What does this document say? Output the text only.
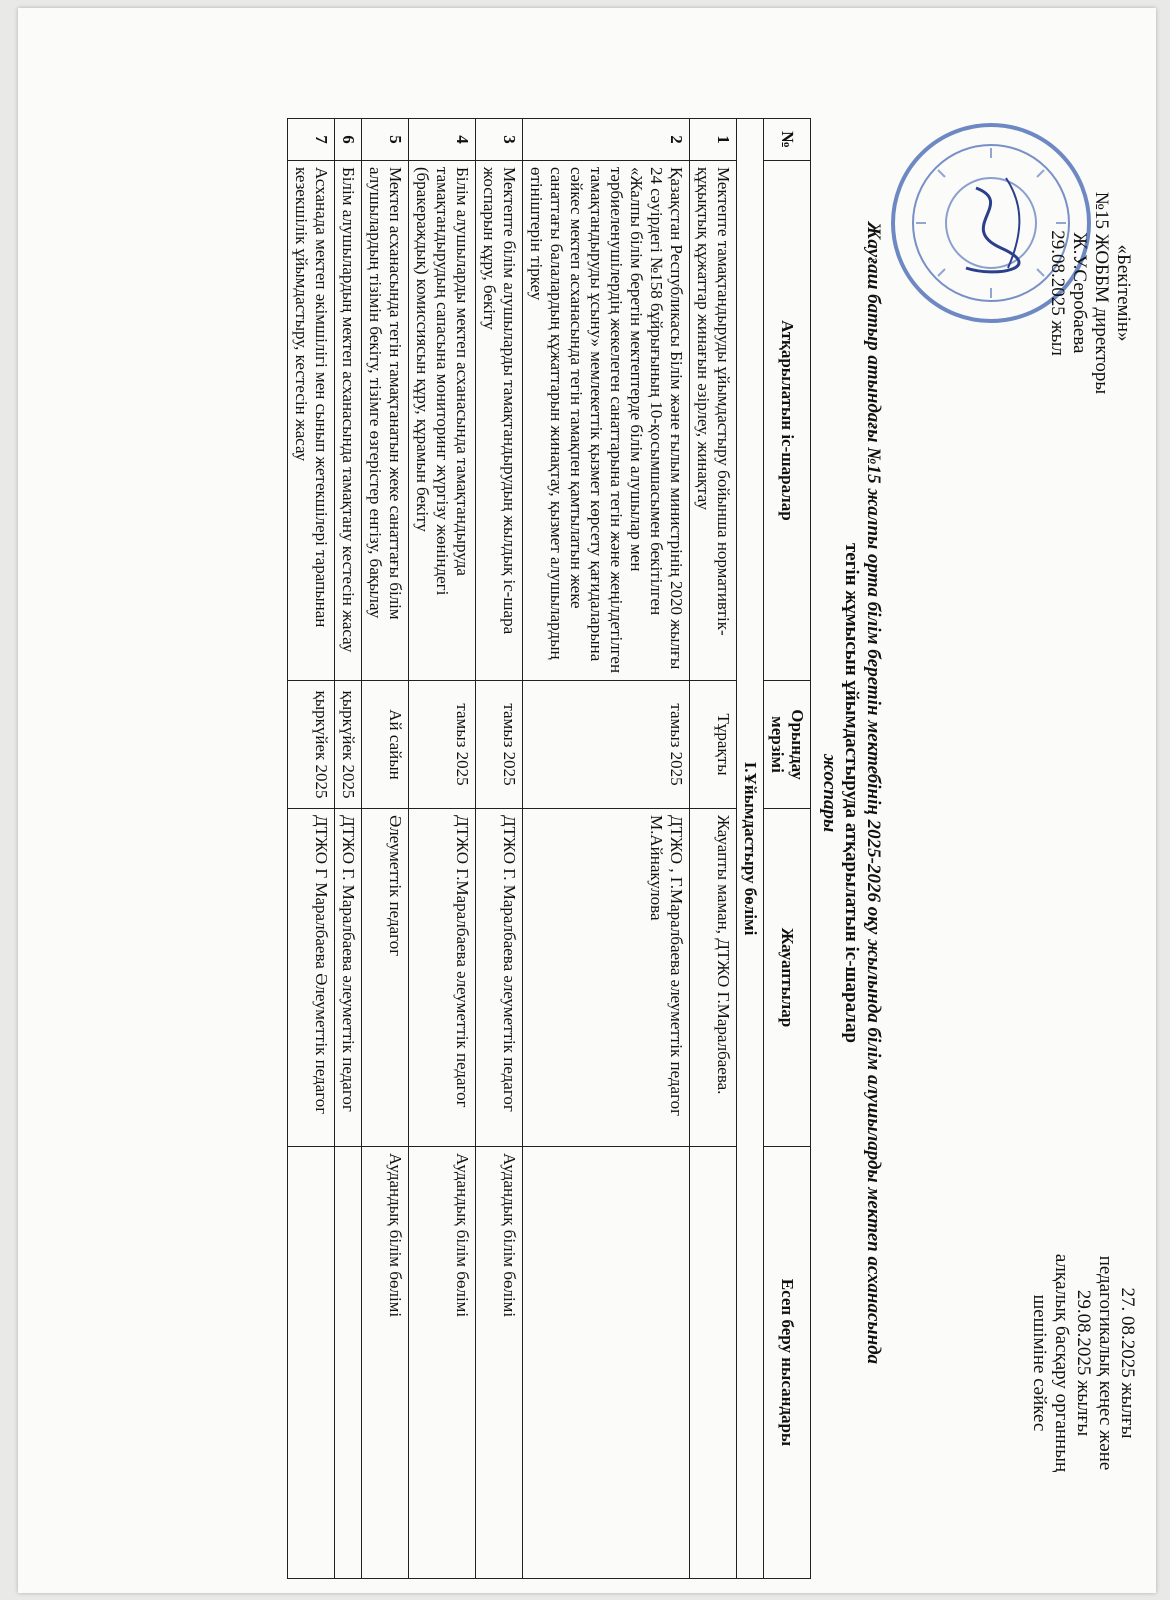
27. 08.2025 жылғы
педагогикалық кеңес және
29.08.2025 жылғы
алқалық басқару органның
шешіміне сәйкес
«Бекітемін»
№15 ЖОББМ директоры
Ж.У.Серобаева
29.08.2025 жыл
Жауғаш батыр атындағы №15 жалпы орта білім беретін мектебінің 2025-2026 оқу жылында білім алушыларды мектеп асханасында
тегін жұмысын ұйымдастыруда атқарылатын іс-шаралар
жоспары
№	Атқарылатын іс-шаралар	Орындау мерзімі	Жауаптылар	Есеп беру нысандары
I.Ұйымдастыру бөлімі				
1	Мектепте тамақтандыруды ұйымдастыру бойынша нормативтік-құқықтық құжаттар жинағын әзірлеу, жинақтау	Тұрақты	Жауапты маман, ДТЖО Г.Маралбаева.	
2	Қазақстан Республикасы Білім және ғылым министрінің 2020 жылғы 24 сәуірдегі №158 бұйрығының 10-қосымшасымен бекітілген «Жалпы білім беретін мектептерде білім алушылар мен тәрбиеленушілердің жекелеген санаттарына тегін және жеңілдетілген тамақтандыруды ұсыну» мемлекеттік қызмет көрсету қағидаларына сәйкес мектеп асханасында тегін тамақпен қамтылатын жеке санаттағы балалардың құжаттарын жинақтау, қызмет алушылардың өтініштерін тіркеу	тамыз 2025	ДТЖО , Г.Маралбаева әлеуметтік педагог М.Айнакулова	
3	Мектепте білім алушыларды тамақтандырудың жылдық іс-шара жоспарын құру, бекіту	тамыз 2025	ДТЖО Г. Маралбаева әлеуметтік педагог	Аудандық білім бөлімі
4	Білім алушыларды мектеп асханасында тамақтандыруда тамақтандырудың сапасына мониторинг жүргізу жөніндегі (бракераждық) комиссиясын құру, құрамын бекіту	тамыз 2025	ДТЖО Г.Маралбаева әлеуметтік педагог	Аудандық білім бөлімі
5	Мектеп асханасында тегін тамақтанатын жеке санаттағы білім алушылардың тізімін бекіту, тізімге өзгерістер енгізу, бақылау	Ай сайын	Әлеуметтік педагог	Аудандық білім бөлімі
6	Білім алушылардың мектеп асханасында тамақтану кестесін жасау	қыркүйек 2025	ДТЖО Г. Маралбаева әлеуметтік педагог	
7	Асханада мектеп әкімшілігі мен сынып жетекшілері тарапынан кезекшілік ұйымдастыру, кестесін жасау	қыркүйек 2025	ДТЖО Г Маралбаева Әлеуметтік педагог	
